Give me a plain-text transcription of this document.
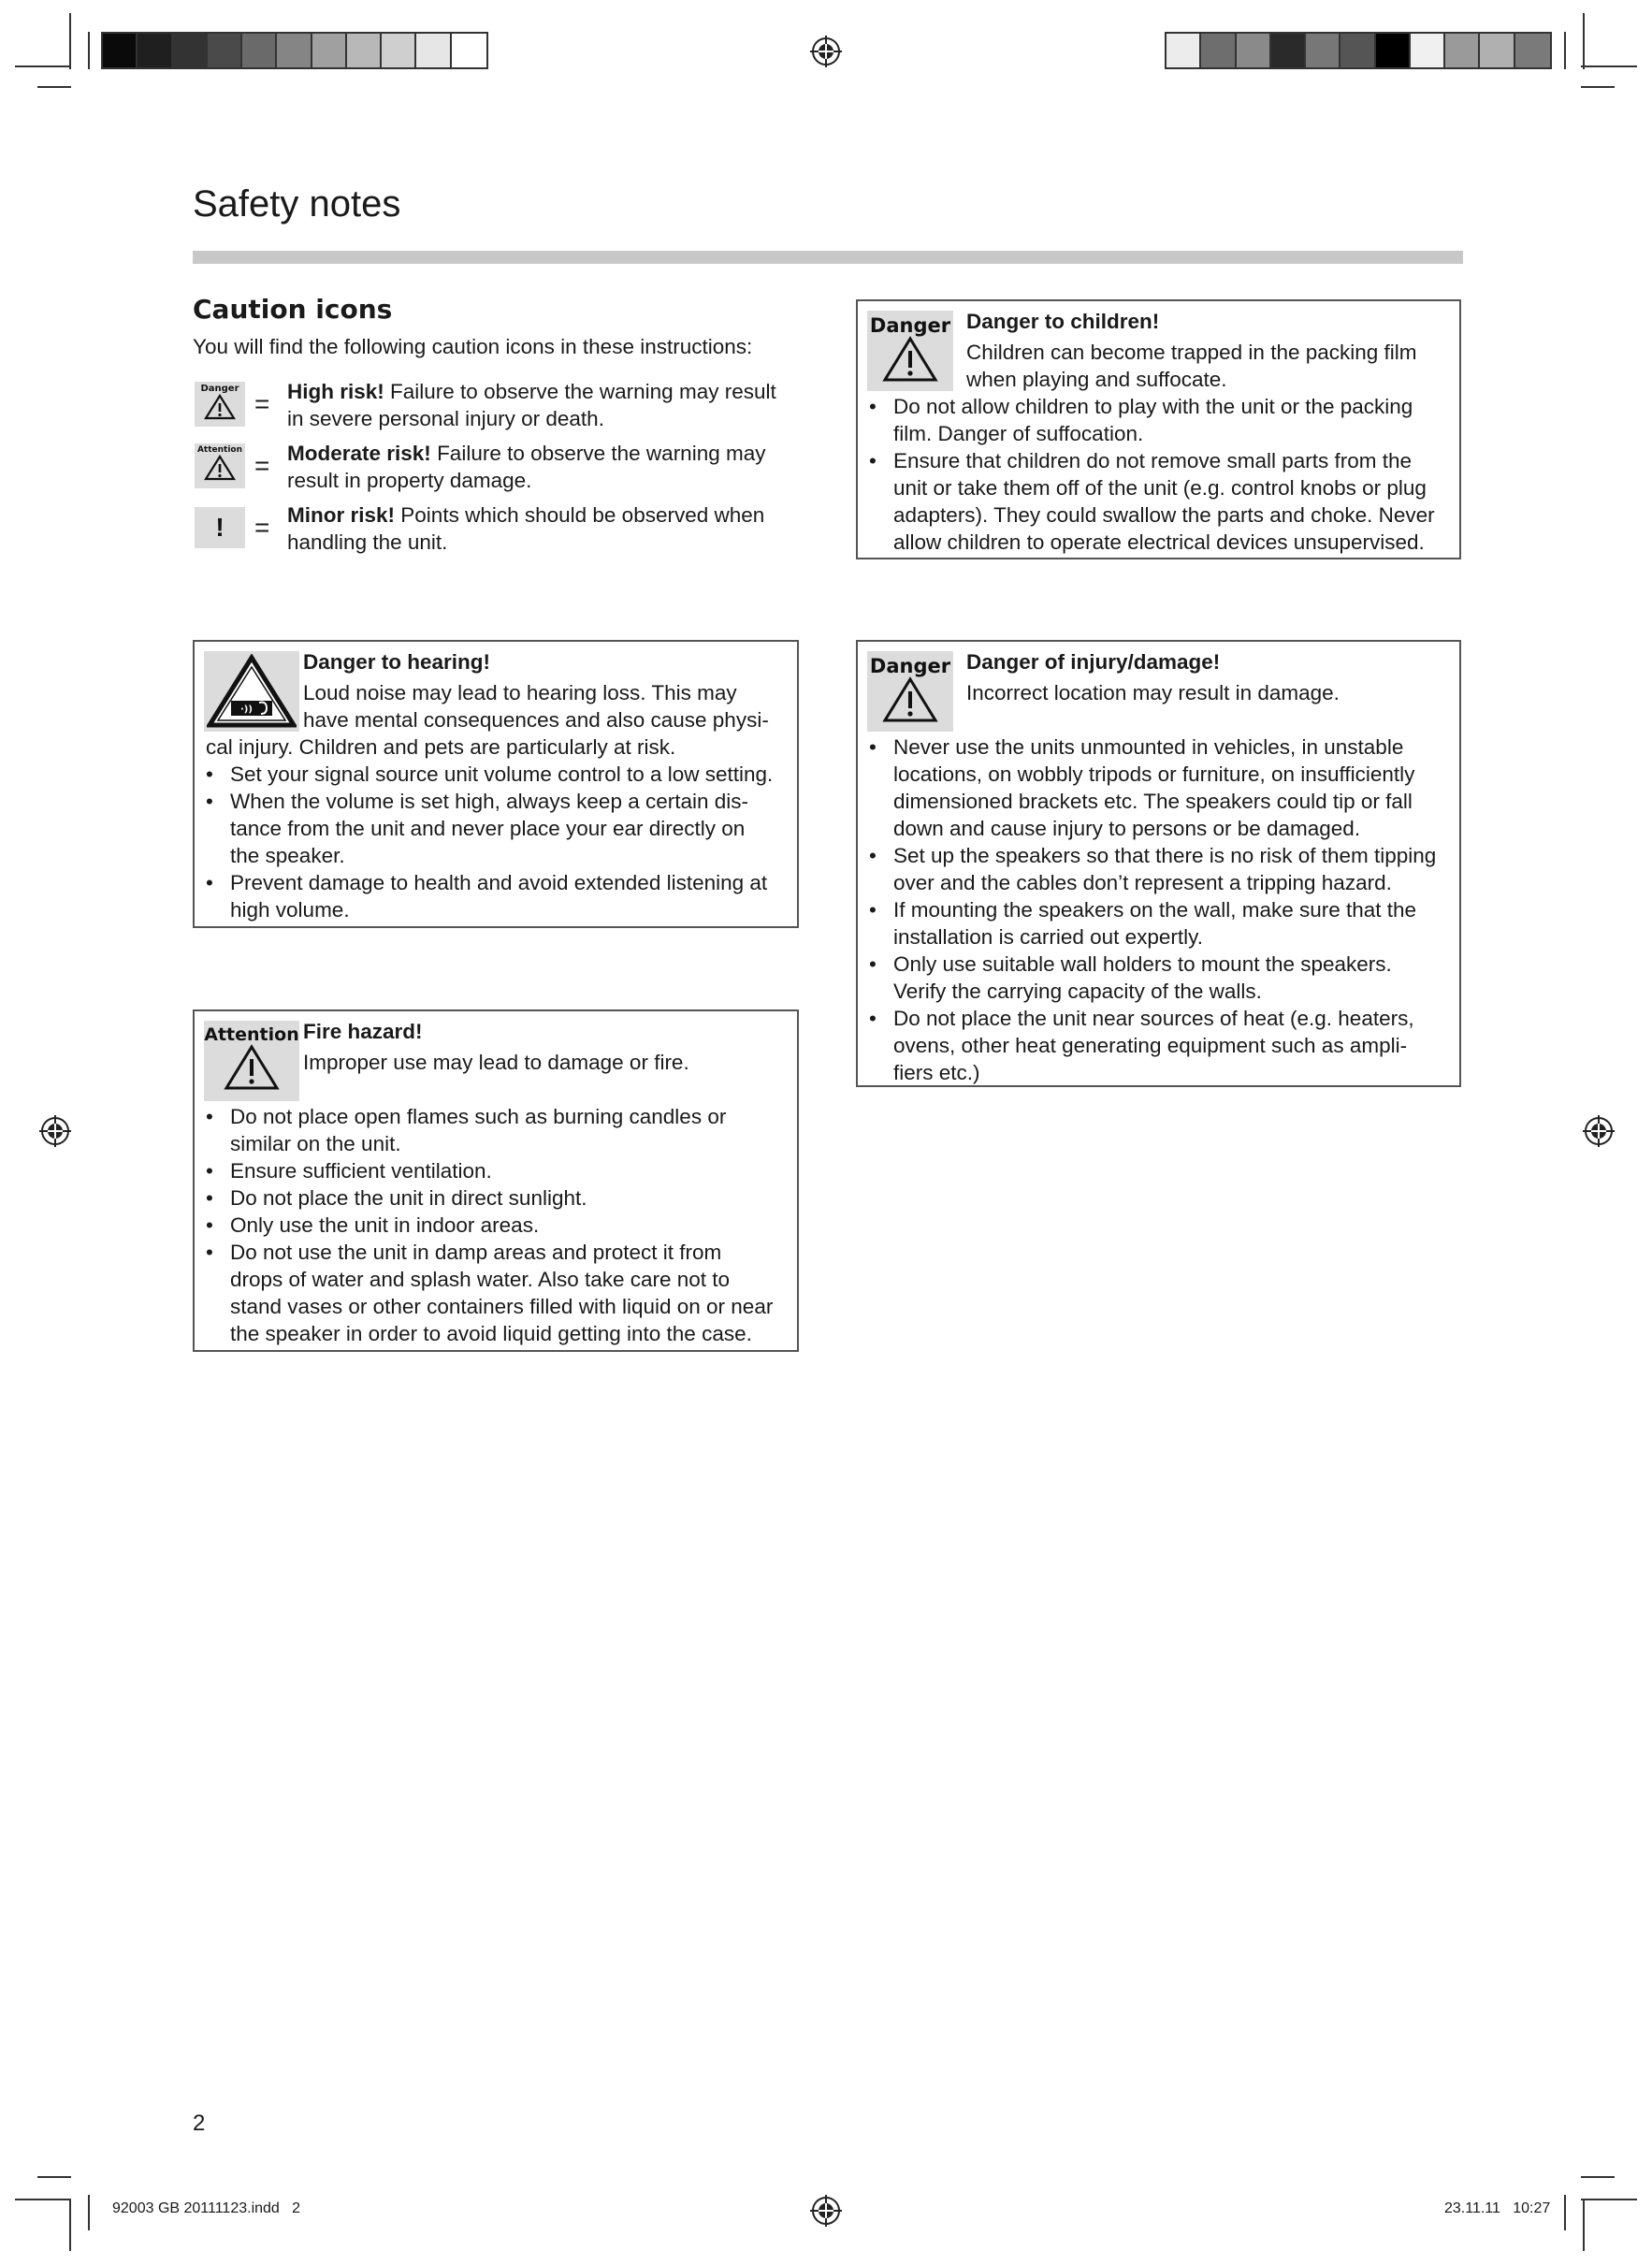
Safety notes
Caution icons
You will find the following caution icons in these instructions:
Danger
= High risk! Failure to observe the warning may result
in severe personal injury or death.
Attention
= Moderate risk! Failure to observe the warning may
result in property damage.
! = Minor risk! Points which should be observed when
handling the unit.
Danger Danger to children!
Children can become trapped in the packing film
when playing and suffocate.
• Do not allow children to play with the unit or the packing
film. Danger of suffocation.
• Ensure that children do not remove small parts from the
unit or take them off of the unit (e.g. control knobs or plug
adapters). They could swallow the parts and choke. Never
allow children to operate electrical devices unsupervised.
·))
Danger to hearing!
Loud noise may lead to hearing loss. This may
have mental consequences and also cause physi-
cal injury. Children and pets are particularly at risk.
• Set your signal source unit volume control to a low setting.
• When the volume is set high, always keep a certain dis-
tance from the unit and never place your ear directly on
the speaker.
• Prevent damage to health and avoid extended listening at
high volume.
Danger Danger of injury/damage!
Incorrect location may result in damage.
• Never use the units unmounted in vehicles, in unstable
locations, on wobbly tripods or furniture, on insufficiently
dimensioned brackets etc. The speakers could tip or fall
down and cause injury to persons or be damaged.
• Set up the speakers so that there is no risk of them tipping
over and the cables don’t represent a tripping hazard.
• If mounting the speakers on the wall, make sure that the
installation is carried out expertly.
• Only use suitable wall holders to mount the speakers.
Verify the carrying capacity of the walls.
• Do not place the unit near sources of heat (e.g. heaters,
ovens, other heat generating equipment such as ampli-
fiers etc.)
Attention Fire hazard!
Improper use may lead to damage or fire.
• Do not place open flames such as burning candles or
similar on the unit.
• Ensure sufficient ventilation.
• Do not place the unit in direct sunlight.
• Only use the unit in indoor areas.
• Do not use the unit in damp areas and protect it from
drops of water and splash water. Also take care not to
stand vases or other containers filled with liquid on or near
the speaker in order to avoid liquid getting into the case.
2
92003 GB 20111123.indd   2	23.11.11   10:27
